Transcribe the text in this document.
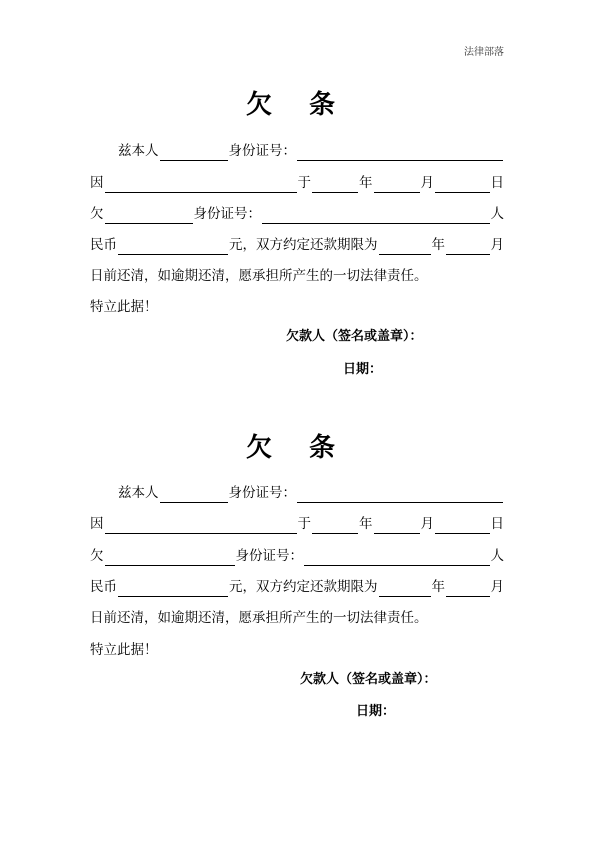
法律部落
欠 条
兹本人	身份证号：
因	于	年	月	日
欠	身份证号：	人
民币	元，双方约定还款期限为	年	月
日前还清，如逾期还清，愿承担所产生的一切法律责任。
特立此据！
欠款人（签名或盖章）：
日期：
欠 条
兹本人	身份证号：
因	于	年	月	日
欠	身份证号：	人
民币	元，双方约定还款期限为	年	月
日前还清，如逾期还清，愿承担所产生的一切法律责任。
特立此据！
欠款人（签名或盖章）：
日期：
